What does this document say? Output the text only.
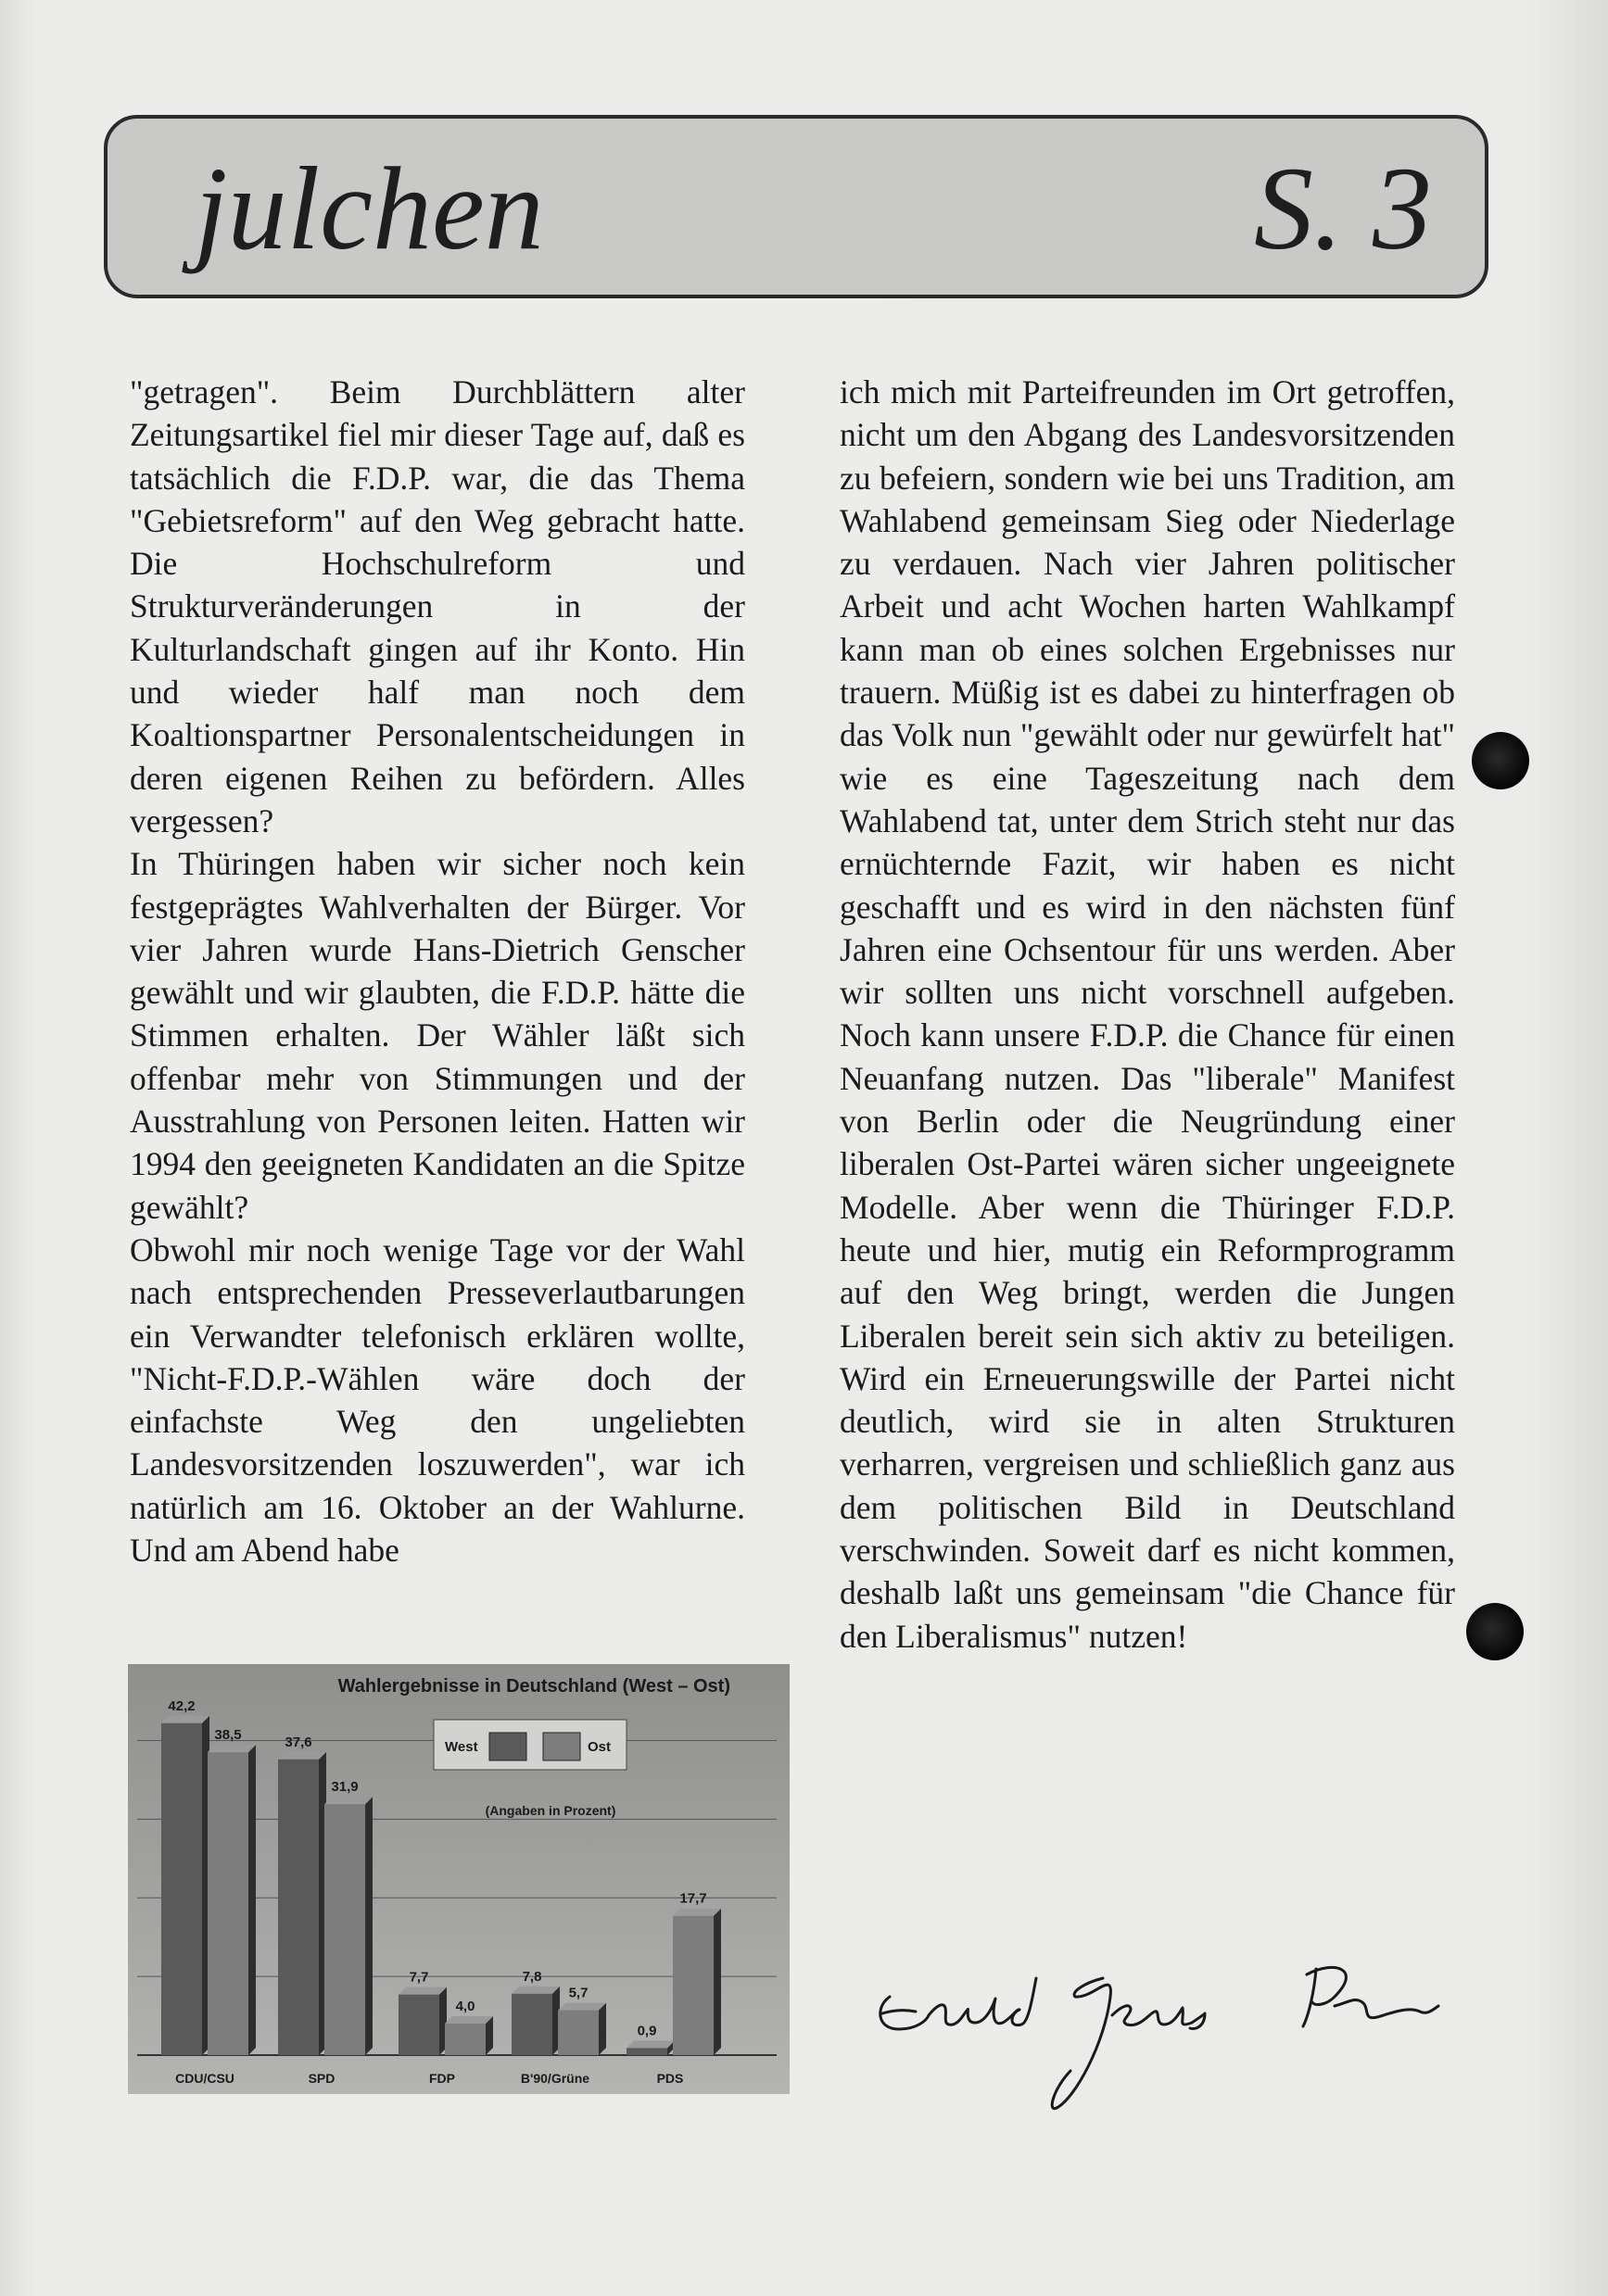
julchen	S. 3

"getragen". Beim Durchblättern alter Zeitungsartikel fiel mir dieser Tage auf, daß es tatsächlich die F.D.P. war, die das Thema "Gebietsreform" auf den Weg gebracht hatte. Die Hochschulreform und Strukturveränderungen in der Kulturlandschaft gingen auf ihr Konto. Hin und wieder half man noch dem Koaltionspartner Personalentscheidungen in deren eigenen Reihen zu befördern. Alles vergessen?

In Thüringen haben wir sicher noch kein festgeprägtes Wahlverhalten der Bürger. Vor vier Jahren wurde Hans-Dietrich Genscher gewählt und wir glaubten, die F.D.P. hätte die Stimmen erhalten. Der Wähler läßt sich offenbar mehr von Stimmungen und der Ausstrahlung von Personen leiten. Hatten wir 1994 den geeigneten Kandidaten an die Spitze gewählt?

Obwohl mir noch wenige Tage vor der Wahl nach entsprechenden Presseverlautbarungen ein Verwandter telefonisch erklären wollte, "Nicht-F.D.P.-Wählen wäre doch der einfachste Weg den ungeliebten Landesvorsitzenden loszuwerden", war ich natürlich am 16. Oktober an der Wahlurne. Und am Abend habe

ich mich mit Parteifreunden im Ort getroffen, nicht um den Abgang des Landesvorsitzenden zu befeiern, sondern wie bei uns Tradition, am Wahlabend gemeinsam Sieg oder Niederlage zu verdauen. Nach vier Jahren politischer Arbeit und acht Wochen harten Wahlkampf kann man ob eines solchen Ergebnisses nur trauern. Müßig ist es dabei zu hinterfragen ob das Volk nun "gewählt oder nur gewürfelt hat" wie es eine Tageszeitung nach dem Wahlabend tat, unter dem Strich steht nur das ernüchternde Fazit, wir haben es nicht geschafft und es wird in den nächsten fünf Jahren eine Ochsentour für uns werden. Aber wir sollten uns nicht vorschnell aufgeben. Noch kann unsere F.D.P. die Chance für einen Neuanfang nutzen. Das "liberale" Manifest von Berlin oder die Neugründung einer liberalen Ost-Partei wären sicher ungeeignete Modelle. Aber wenn die Thüringer F.D.P. heute und hier, mutig ein Reformprogramm auf den Weg bringt, werden die Jungen Liberalen bereit sein sich aktiv zu beteiligen. Wird ein Erneuerungswille der Partei nicht deutlich, wird sie in alten Strukturen verharren, vergreisen und schließlich ganz aus dem politischen Bild in Deutschland verschwinden. Soweit darf es nicht kommen, deshalb laßt uns gemeinsam "die Chance für den Liberalismus" nutzen!

42,2
38,5
CDU/CSU
37,6
31,9
SPD
7,7
4,0
FDP
7,8
5,7
B'90/Grüne
0,9
17,7
PDS
West	Ost
Wahlergebnisse in Deutschland (West – Ost)
(Angaben in Prozent)
